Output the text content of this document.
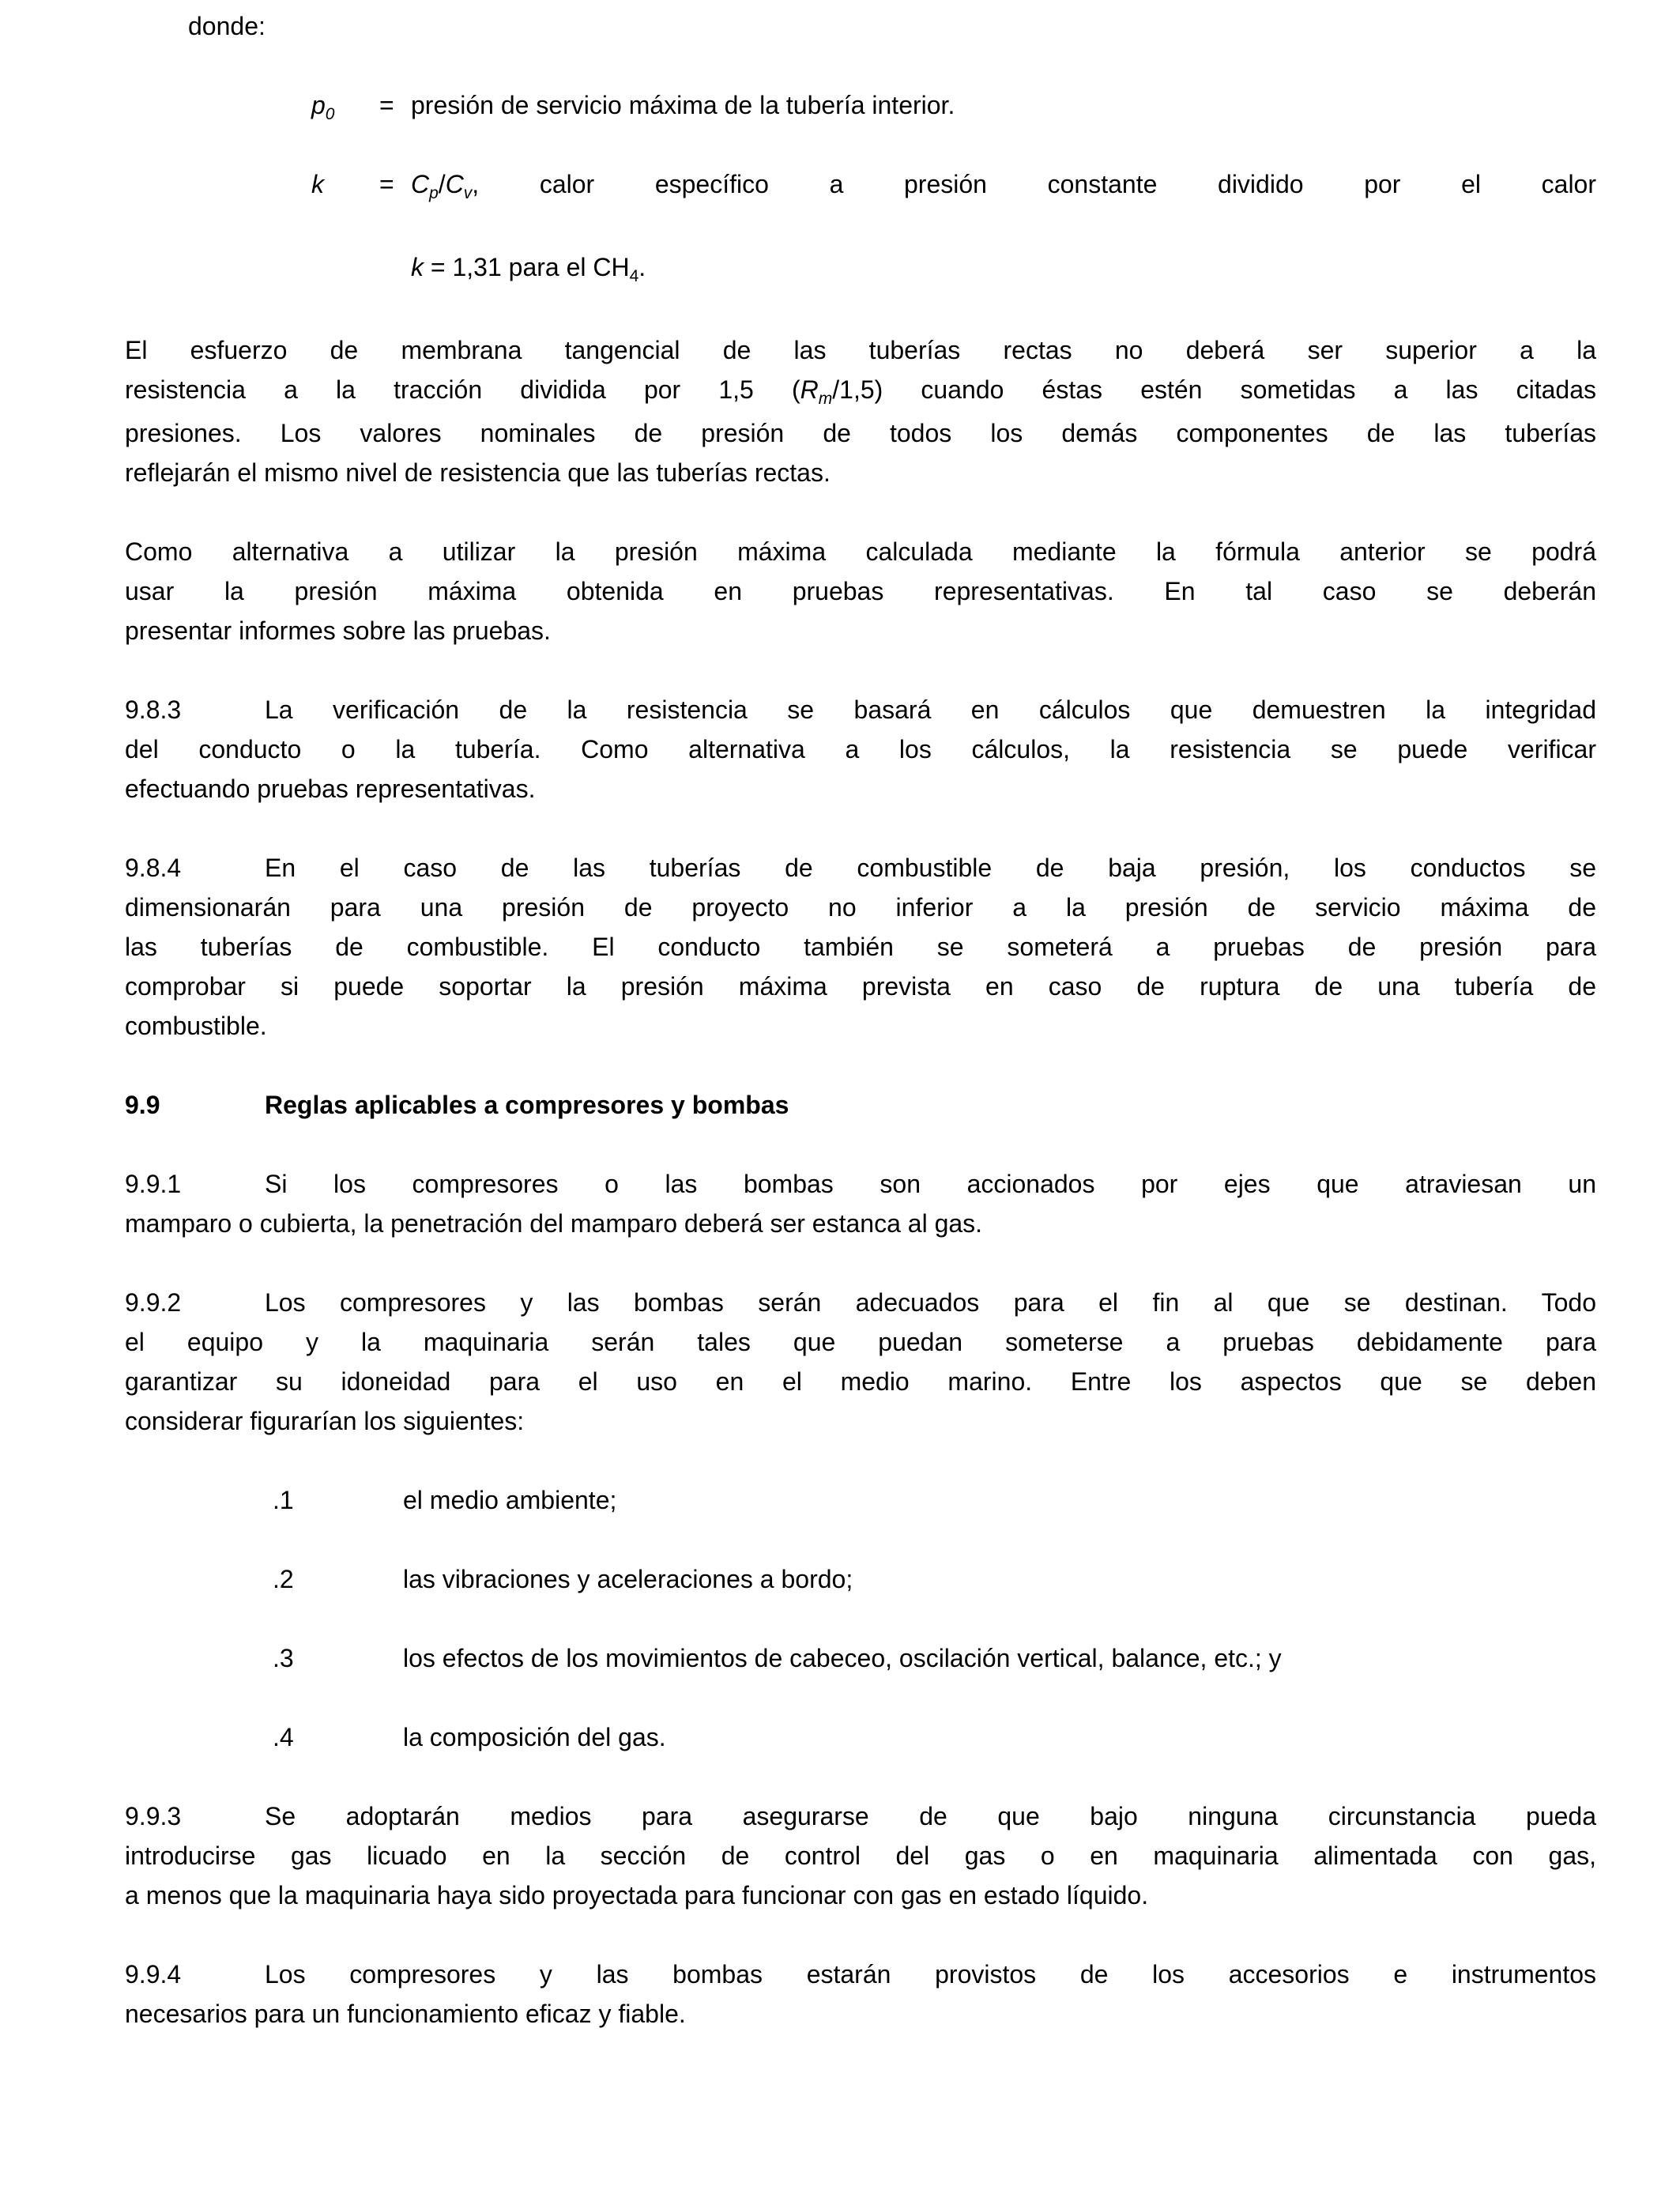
donde:
$p_0$ = presión de servicio máxima de la tubería interior.
$k = C_p/C_v$, calor específico a presión constante dividido por el calor
k = 1,31 para el $CH_4$.
El esfuerzo de membrana tangencial de las tuberías rectas no deberá ser superior a la
resistencia a la tracción dividida por 1,5 $(R_m/1,5)$ cuando éstas estén sometidas a las citadas
presiones. Los valores nominales de presión de todos los demás componentes de las tuberías
reflejarán el mismo nivel de resistencia que las tuberías rectas.
Como alternativa a utilizar la presión máxima calculada mediante la fórmula anterior se podrá
usar la presión máxima obtenida en pruebas representativas. En tal caso se deberán
presentar informes sobre las pruebas.
9.8.3	La verificación de la resistencia se basará en cálculos que demuestren la integridad
del conducto o la tubería. Como alternativa a los cálculos, la resistencia se puede verificar
efectuando pruebas representativas.
9.8.4	En el caso de las tuberías de combustible de baja presión, los conductos se
dimensionarán para una presión de proyecto no inferior a la presión de servicio máxima de
las tuberías de combustible. El conducto también se someterá a pruebas de presión para
comprobar si puede soportar la presión máxima prevista en caso de ruptura de una tubería de
combustible.
9.9	Reglas aplicables a compresores y bombas
9.9.1	Si los compresores o las bombas son accionados por ejes que atraviesan un
mamparo o cubierta, la penetración del mamparo deberá ser estanca al gas.
9.9.2	Los compresores y las bombas serán adecuados para el fin al que se destinan. Todo
el equipo y la maquinaria serán tales que puedan someterse a pruebas debidamente para
garantizar su idoneidad para el uso en el medio marino. Entre los aspectos que se deben
considerar figurarían los siguientes:
.1	el medio ambiente;
.2	las vibraciones y aceleraciones a bordo;
.3	los efectos de los movimientos de cabeceo, oscilación vertical, balance, etc.; y
.4	la composición del gas.
9.9.3	Se adoptarán medios para asegurarse de que bajo ninguna circunstancia pueda
introducirse gas licuado en la sección de control del gas o en maquinaria alimentada con gas,
a menos que la maquinaria haya sido proyectada para funcionar con gas en estado líquido.
9.9.4	Los compresores y las bombas estarán provistos de los accesorios e instrumentos
necesarios para un funcionamiento eficaz y fiable.
